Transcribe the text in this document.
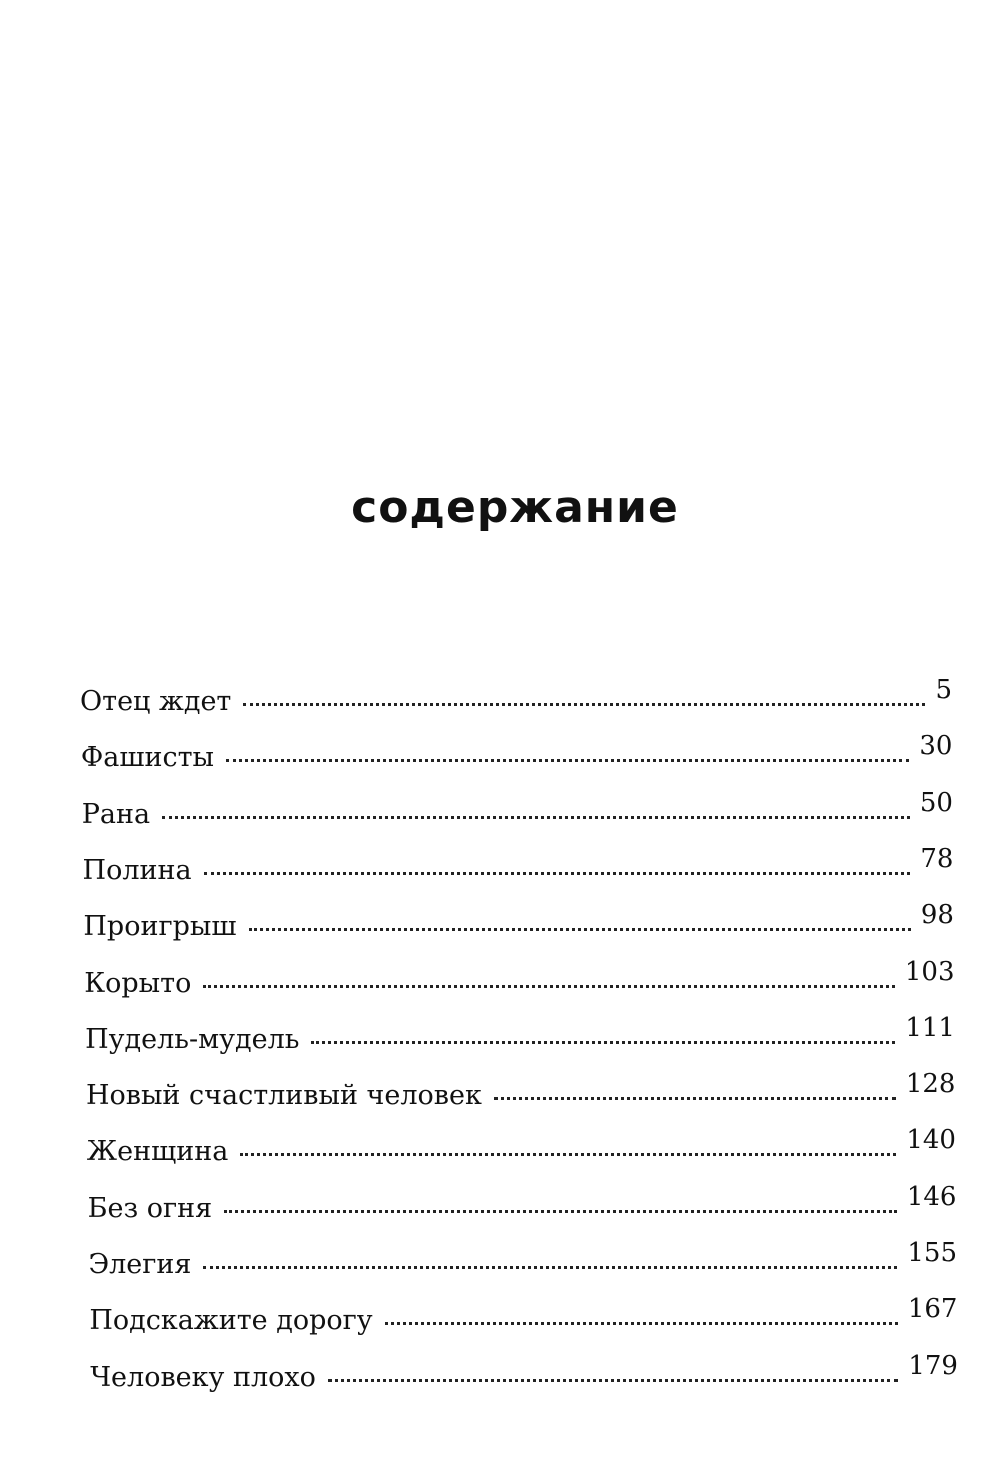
содержание
Отец ждет	5
Фашисты	30
Рана	50
Полина	78
Проигрыш	98
Корыто	103
Пудель-мудель	111
Новый счастливый человек	128
Женщина	140
Без огня	146
Элегия	155
Подскажите дорогу	167
Человеку плохо	179
